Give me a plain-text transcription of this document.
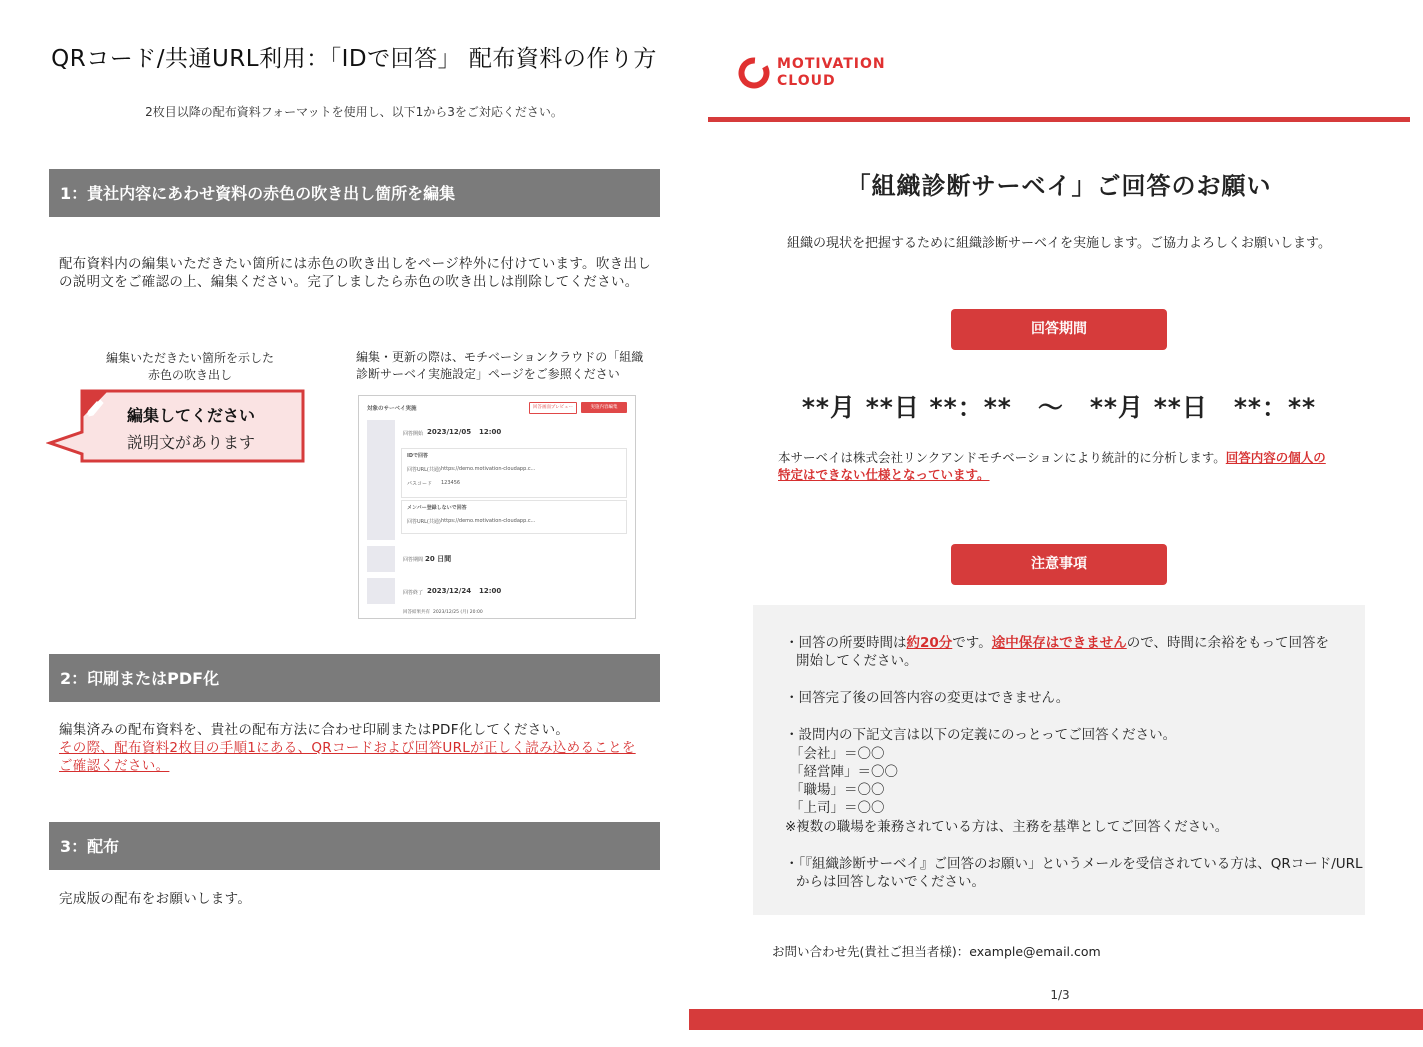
QRコード/共通URL利用：「IDで回答」 配布資料の作り方
2枚目以降の配布資料フォーマットを使用し、以下1から3をご対応ください。
1：貴社内容にあわせ資料の赤色の吹き出し箇所を編集
配布資料内の編集いただきたい箇所には赤色の吹き出しをページ枠外に付けています。吹き出しの説明文をご確認の上、編集ください。完了しましたら赤色の吹き出しは削除してください。
編集いただきたい箇所を示した
赤色の吹き出し
編集してください
説明文があります
編集・更新の際は、モチベーションクラウドの「組織診断サーベイ実施設定」ページをご参照ください
対象のサーベイ実施	回答画面プレビュー	実施内容編集
回答開始 2023/12/05 12:00
IDで回答
回答URL(共通) https://demo.motivation-cloudapp.c...
パスコード 123456
メンバー登録しないで回答
回答URL(共通) https://demo.motivation-cloudapp.c...
回答期間 20 日間
回答終了 2023/12/24 12:00
回答結果共有 2023/12/25 (月) 20:00
2：印刷またはPDF化
編集済みの配布資料を、貴社の配布方法に合わせ印刷またはPDF化してください。
その際、配布資料2枚目の手順1にある、QRコードおよび回答URLが正しく読み込めることをご確認ください。
3：配布
完成版の配布をお願いします。
MOTIVATION
CLOUD
「組織診断サーベイ」ご回答のお願い
組織の現状を把握するために組織診断サーベイを実施します。ご協力よろしくお願いします。
回答期間
**月 **日 **：**　～　**月 **日　**：**
本サーベイは株式会社リンクアンドモチベーションにより統計的に分析します。回答内容の個人の特定はできない仕様となっています。
注意事項
・回答の所要時間は約20分です。途中保存はできませんので、時間に余裕をもって回答を
開始してください。
・回答完了後の回答内容の変更はできません。
・設問内の下記文言は以下の定義にのっとってご回答ください。
「会社」＝〇〇
「経営陣」＝〇〇
「職場」＝〇〇
「上司」＝〇〇
※複数の職場を兼務されている方は、主務を基準としてご回答ください。
・「『組織診断サーベイ』ご回答のお願い」というメールを受信されている方は、QRコード/URL
からは回答しないでください。
お問い合わせ先(貴社ご担当者様)：example@email.com
1/3
